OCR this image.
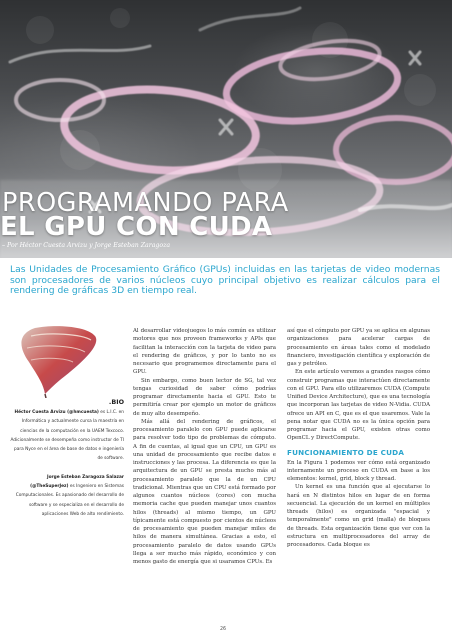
PROGRAMANDO PARA
EL GPU CON CUDA
– Por Héctor Cuesta Arvizu y Jorge Esteban Zaragoza
Las Unidades de Procesamiento Gráfico (GPUs) incluidas en las tarjetas de video modernas son procesadores de varios núcleos cuyo principal objetivo es realizar cálculos para el rendering de gráficas 3D en tiempo real.
.BIO

Héctor Cuesta Arvizu (@hmcuesta) es L.I.C. en Informática y actualmente cursa la maestría en ciencias de la computación en la UAEM Texcoco. Adicionalmente se desempeña como instructor de TI para Nyce en el área de base de datos e ingeniería de software.

Jorge Esteban Zaragoza Salazar (@TheSuperJez) es Ingeniero en Sistemas Computacionales. Es apasionado del desarrollo de software y se especializa en el desarrollo de aplicaciones Web de alto rendimiento.

Al desarrollar videojuegos lo más común es utilizar motores que nos proveen frameworks y APIs que facilitan la interacción con la tarjeta de video para el rendering de gráficos, y por lo tanto no es necesario que programemos directamente para el GPU.

Sin embargo, como buen lector de SG, tal vez tengas curiosidad de saber cómo podrías programar directamente hacia el GPU. Esto te permitiría crear por ejemplo un motor de gráficos de muy alto desempeño.

Más allá del rendering de gráficos, el procesamiento paralelo con GPU puede aplicarse para resolver todo tipo de problemas de cómputo. A fin de cuentas, al igual que un CPU, un GPU es una unidad de procesamiento que recibe datos e instrucciones y las procesa. La diferencia es que la arquitectura de un GPU se presta mucho más al procesamiento paralelo que la de un CPU tradicional. Mientras que un CPU está formado por algunos cuantos núcleos (cores) con mucha memoria cache que pueden manejar unos cuantos hilos (threads) al mismo tiempo, un GPU típicamente está compuesto por cientos de núcleos de procesamiento que pueden manejar miles de hilos de manera simultánea. Gracias a esto, el procesamiento paralelo de datos usando GPUs llega a ser mucho más rápido, económico y con menos gasto de energía que si usaramos CPUs. Es

así que el cómputo por GPU ya se aplica en algunas organizaciones para acelerar cargas de procesamiento en áreas tales como el modelado financiero, investigación científica y exploración de gas y petróleo.

En este artículo veremos a grandes rasgos cómo construir programas que interactúen directamente con el GPU. Para ello utilizaremos CUDA (Compute Unified Device Architecture), que es una tecnología que incorporan las tarjetas de video N-Vidia. CUDA ofrece un API en C, que es el que usaremos. Vale la pena notar que CUDA no es la única opción para programar hacia el GPU, existen otras como OpenCL y DirectCompute.

FUNCIONAMIENTO DE CUDA

En la Figura 1 podemos ver cómo está organizado internamente un proceso en CUDA en base a los elementos: kernel, grid, block y thread.

Un kernel es una función que al ejecutarse lo hará en N distintos hilos en lugar de en forma secuencial. La ejecución de un kernel en múltiples threads (hilos) es organizada "espacial y temporalmente" como un grid (malla) de bloques de threads. Esta organización tiene que ver con la estructura en multiprocesadores del array de procesadores. Cada bloque es

26
